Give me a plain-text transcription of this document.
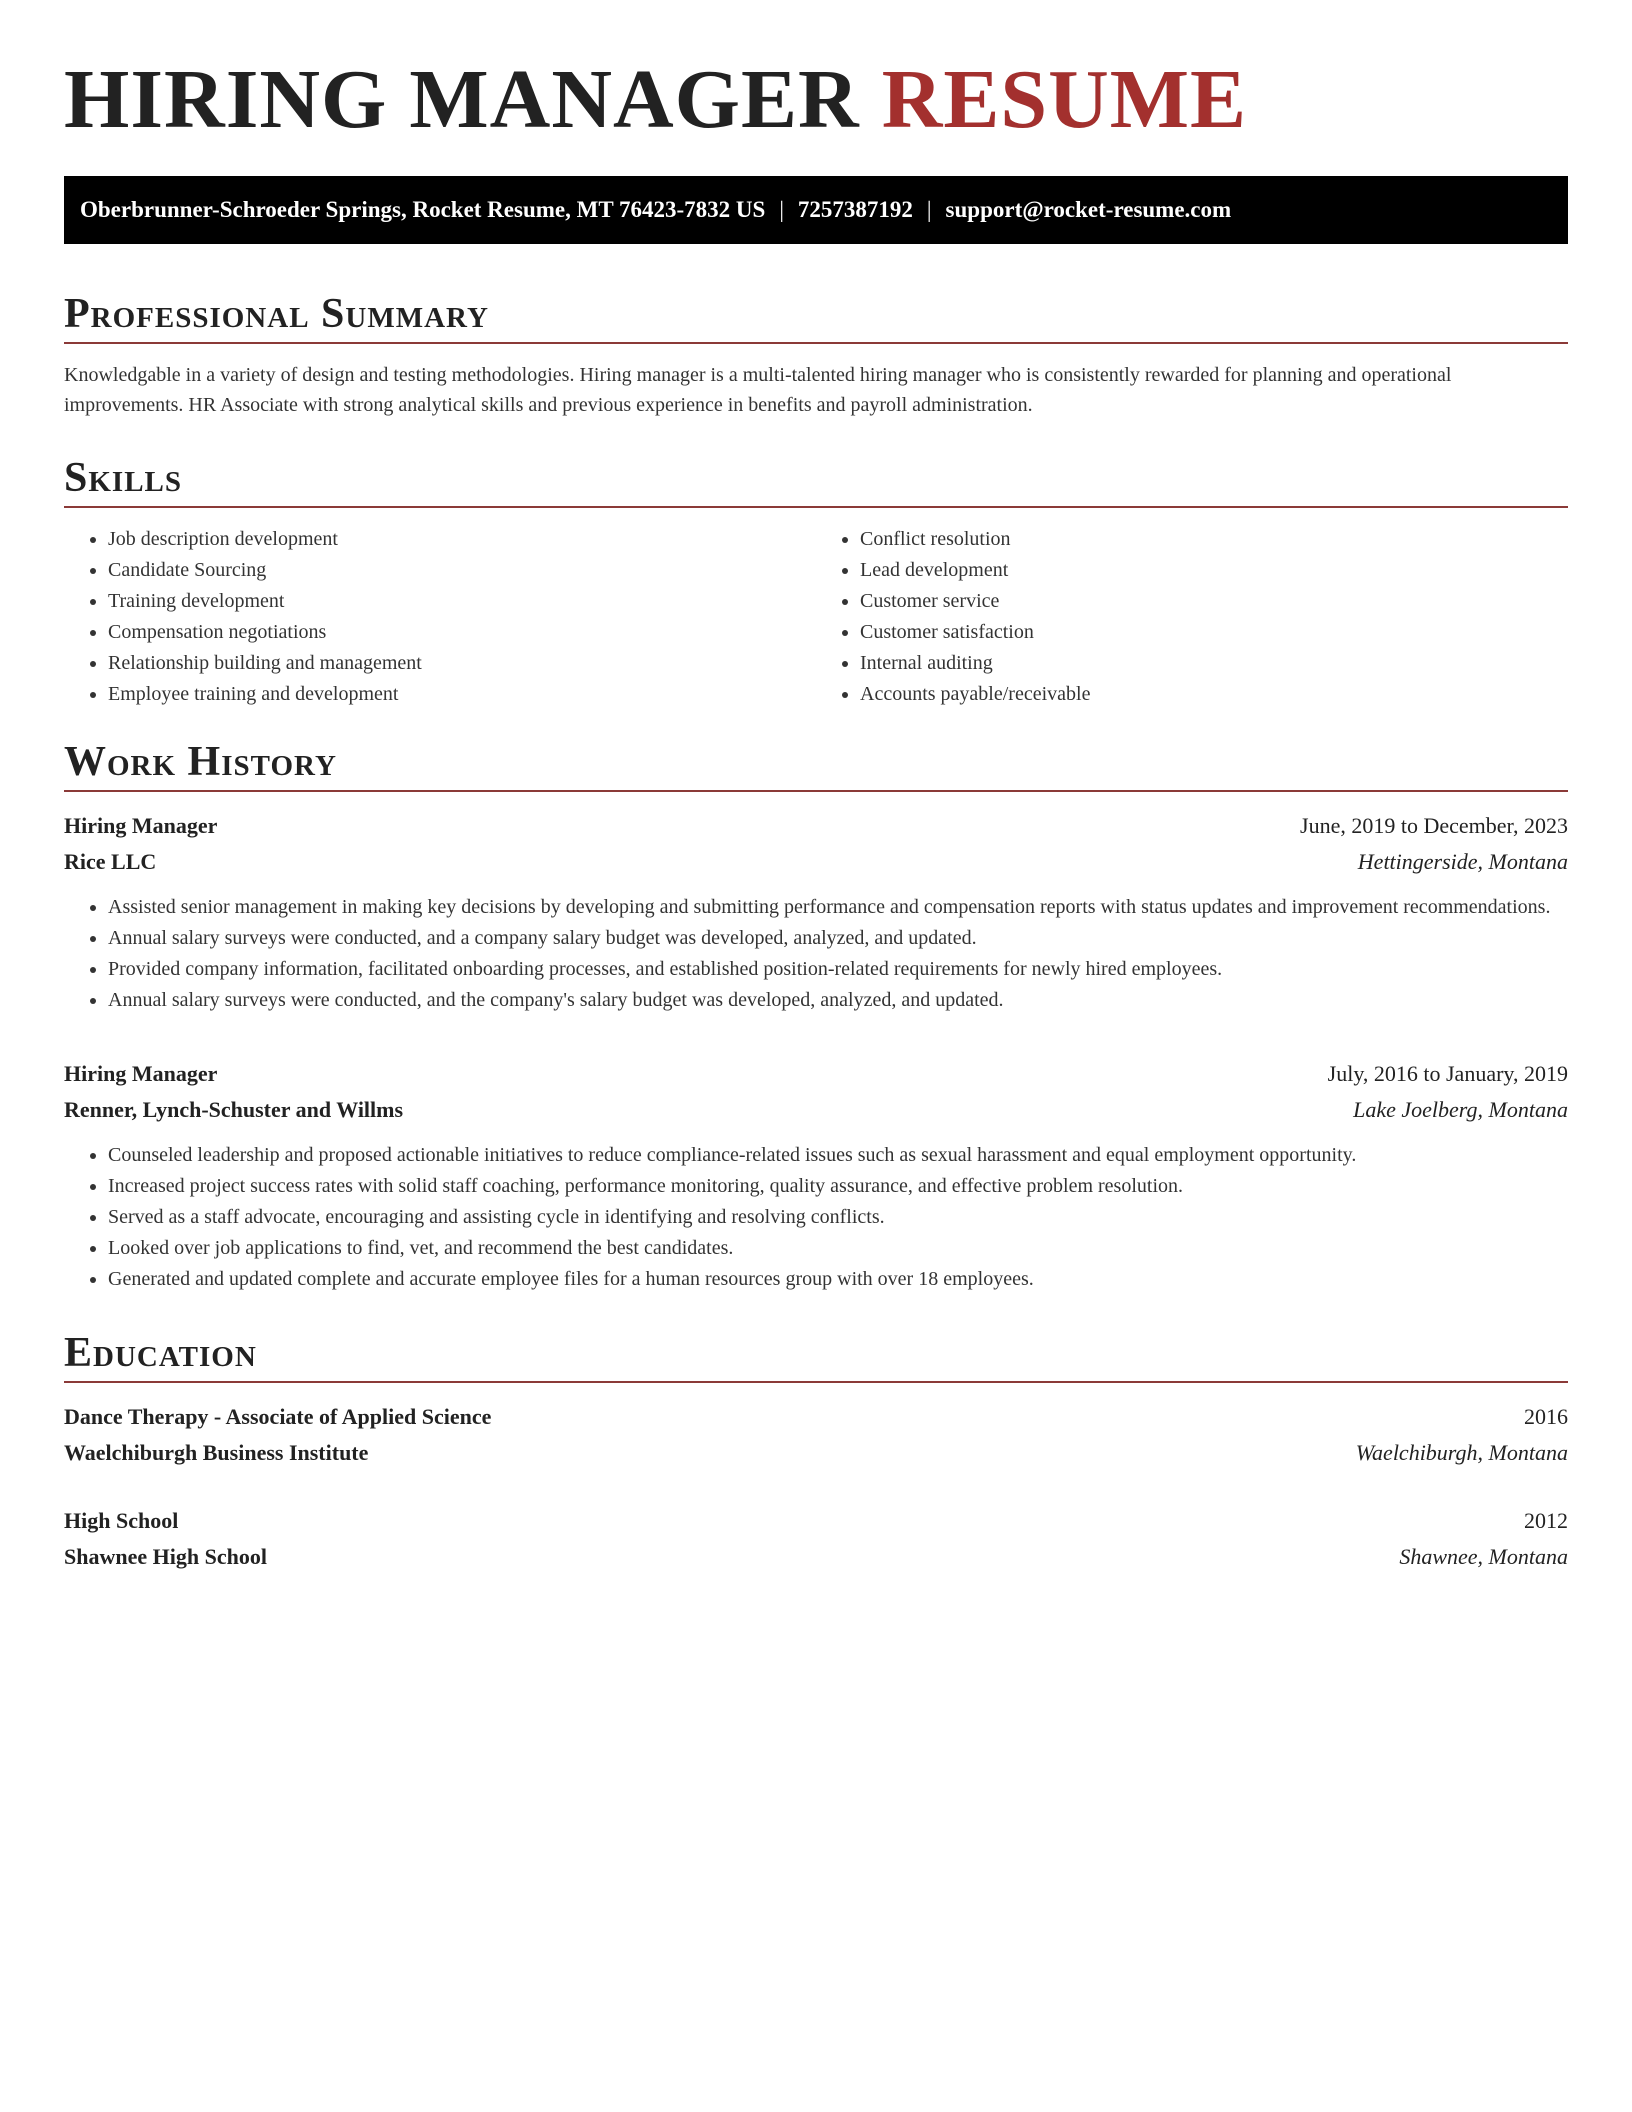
HIRING MANAGER RESUME
Oberbrunner-Schroeder Springs, Rocket Resume, MT 76423-7832 US | 7257387192 | support@rocket-resume.com
Professional Summary

Knowledgable in a variety of design and testing methodologies. Hiring manager is a multi-talented hiring manager who is consistently rewarded for planning and operational improvements. HR Associate with strong analytical skills and previous experience in benefits and payroll administration.

Skills
• Job description development
• Candidate Sourcing
• Training development
• Compensation negotiations
• Relationship building and management
• Employee training and development
• Conflict resolution
• Lead development
• Customer service
• Customer satisfaction
• Internal auditing
• Accounts payable/receivable
Work History
Hiring Manager	June, 2019 to December, 2023
Rice LLC	Hettingerside, Montana
• Assisted senior management in making key decisions by developing and submitting performance and compensation reports with status updates and improvement recommendations.
• Annual salary surveys were conducted, and a company salary budget was developed, analyzed, and updated.
• Provided company information, facilitated onboarding processes, and established position-related requirements for newly hired employees.
• Annual salary surveys were conducted, and the company's salary budget was developed, analyzed, and updated.
Hiring Manager	July, 2016 to January, 2019
Renner, Lynch-Schuster and Willms	Lake Joelberg, Montana
• Counseled leadership and proposed actionable initiatives to reduce compliance-related issues such as sexual harassment and equal employment opportunity.
• Increased project success rates with solid staff coaching, performance monitoring, quality assurance, and effective problem resolution.
• Served as a staff advocate, encouraging and assisting cycle in identifying and resolving conflicts.
• Looked over job applications to find, vet, and recommend the best candidates.
• Generated and updated complete and accurate employee files for a human resources group with over 18 employees.
Education
Dance Therapy - Associate of Applied Science	2016
Waelchiburgh Business Institute	Waelchiburgh, Montana
High School	2012
Shawnee High School	Shawnee, Montana
